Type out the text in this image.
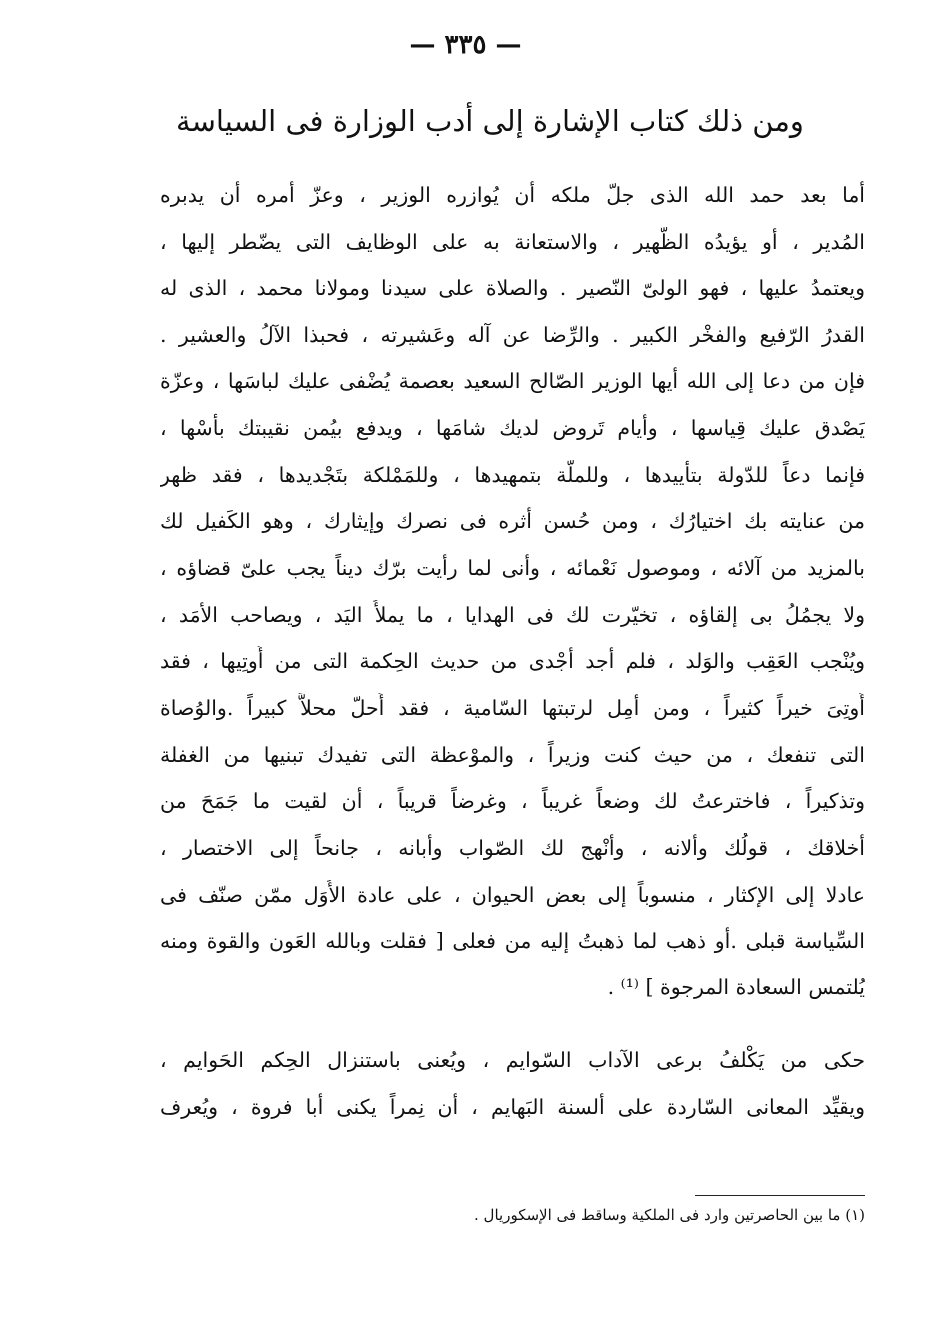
— ٣٣٥ —
ومن ذلك كتاب الإشارة إلى أدب الوزارة فى السياسة
أما بعد حمد الله الذى جلّ ملكه أن يُوازره الوزير ، وعزّ أمره أن يدبره
المُدير ، أو يؤيدُه الظُّهير ، والاستعانة به على الوظايف التى يضّطر إليها ،
ويعتمدُ عليها ، فهو الولىّ النّصير . والصلاة على سيدنا ومولانا محمد ، الذى له
القدرُ الرّفيع والفخْر الكبير . والرِّضا عن آله وعَشيرته ، فحبذا الآلُ والعشير .
فإن من دعا إلى الله أيها الوزير الصّالح السعيد بعصمة يُضْفى عليك لباسَها ، وعزّة
يَصْدق عليك قِياسها ، وأيام تَروض لديك شامَها ، ويدفع بيُمن نقيبتك بأسْها ،
فإنما دعاً للدّولة بتأْييدها ، وللملّة بتمهيدها ، وللمَمْلكة بتَجْديدها ، فقد ظهر
من عنايته بك اختيارُك ، ومن حُسن أثره فى نصرك وإيثارك ، وهو الكَفيل لك
بالمزيد من آلائه ، وموصول نَعْمائه ، وأنى لما رأيت برّك ديناً يجب علىّ قضاؤه ،
ولا يجمُلُ بى إلقاؤه ، تخيّرت لك فى الهدايا ، ما يملأُ اليَد ، ويصاحب الأمَد ،
ويُنْجب العَقِب والوَلد ، فلم أجد أجْدى من حديث الحِكمة التى من أُوتِيها ، فقد
أُوتِىَ خيراً كثيراً ، ومن أمِل لرتبتها السّامية ، فقد أُحلّ محلاًّ كبيراً .والوُصاة
التى تنفعك ، من حيث كنت وزيراً ، والموْعظة التى تفيدك تبنيها من الغفلة
وتذكيراً ، فاخترعتُ لك وضعاً غريباً ، وغرضاً قريباً ، أن لقيت ما جَمَحَ من
أخلاقك ، قولُك وألانه ، وأنْهج لك الصّواب وأبانه ، جانحاً إلى الاختصار ،
عادلا إلى الإكثار ، منسوباً إلى بعض الحيوان ، على عادة الأُوَل ممّن صنّف فى
السِّياسة قبلى .أو ذهب لما ذهبتُ إليه من فعلى [ فقلت وبالله العَون والقوة ومنه
يُلتمس السعادة المرجوة ] ⁽¹⁾ .
حكى من يَكْلفُ برعى الآداب السّوايم ، ويُعنى باستنزال الحِكم الحَوايم ،
ويقيِّد المعانى السّاردة على ألسنة البَهايم ، أن نِمراً يكنى أبا فروة ، ويُعرف
(١) ما بين الحاصرتين وارد فى الملكية وساقط فى الإسكوريال .
